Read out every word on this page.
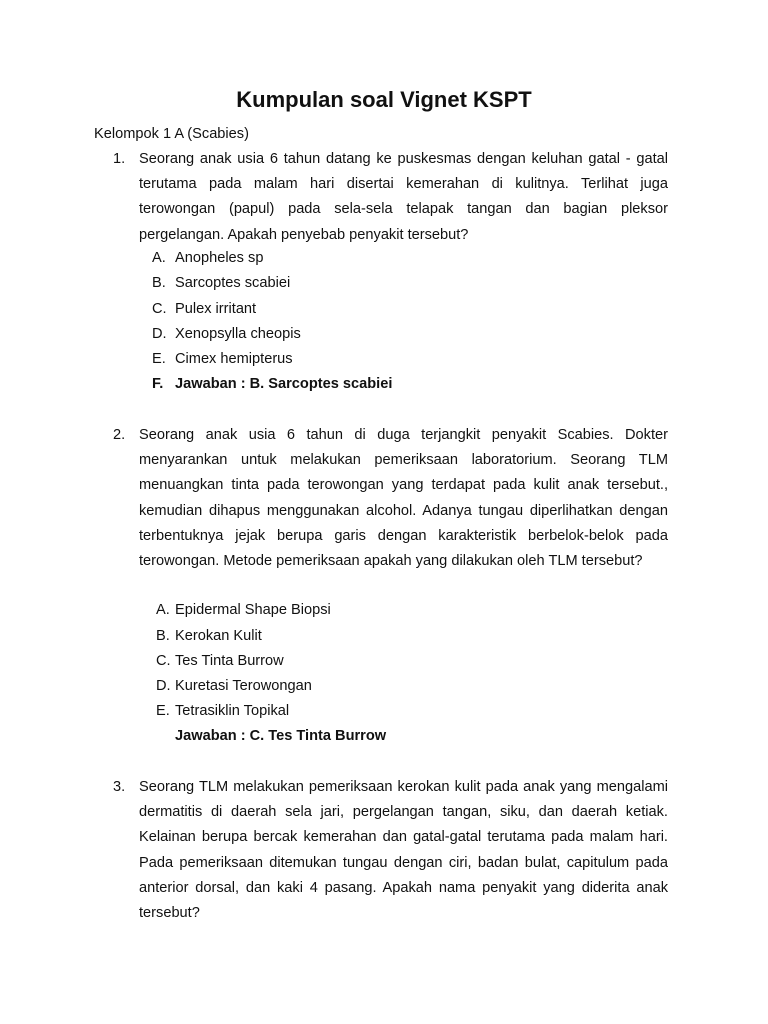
Kumpulan soal Vignet KSPT
Kelompok 1 A (Scabies)
1. Seorang anak usia 6 tahun datang ke puskesmas dengan keluhan gatal - gatal terutama pada malam hari disertai kemerahan di kulitnya. Terlihat juga terowongan (papul) pada sela-sela telapak tangan dan bagian pleksor pergelangan. Apakah penyebab penyakit tersebut?
A. Anopheles sp
B. Sarcoptes scabiei
C. Pulex irritant
D. Xenopsylla cheopis
E. Cimex hemipterus
F. Jawaban : B. Sarcoptes scabiei
2. Seorang anak usia 6 tahun di duga terjangkit penyakit Scabies. Dokter menyarankan untuk melakukan pemeriksaan laboratorium. Seorang TLM menuangkan tinta pada terowongan yang terdapat pada kulit anak tersebut., kemudian dihapus menggunakan alcohol. Adanya tungau diperlihatkan dengan terbentuknya jejak berupa garis dengan karakteristik berbelok-belok pada terowongan. Metode pemeriksaan apakah yang dilakukan oleh TLM tersebut?
A. Epidermal Shape Biopsi
B. Kerokan Kulit
C. Tes Tinta Burrow
D. Kuretasi Terowongan
E. Tetrasiklin Topikal
Jawaban : C. Tes Tinta Burrow
3. Seorang TLM melakukan pemeriksaan kerokan kulit pada anak yang mengalami dermatitis di daerah sela jari, pergelangan tangan, siku, dan daerah ketiak. Kelainan berupa bercak kemerahan dan gatal-gatal terutama pada malam hari. Pada pemeriksaan ditemukan tungau dengan ciri, badan bulat, capitulum pada anterior dorsal, dan kaki 4 pasang. Apakah nama penyakit yang diderita anak tersebut?
